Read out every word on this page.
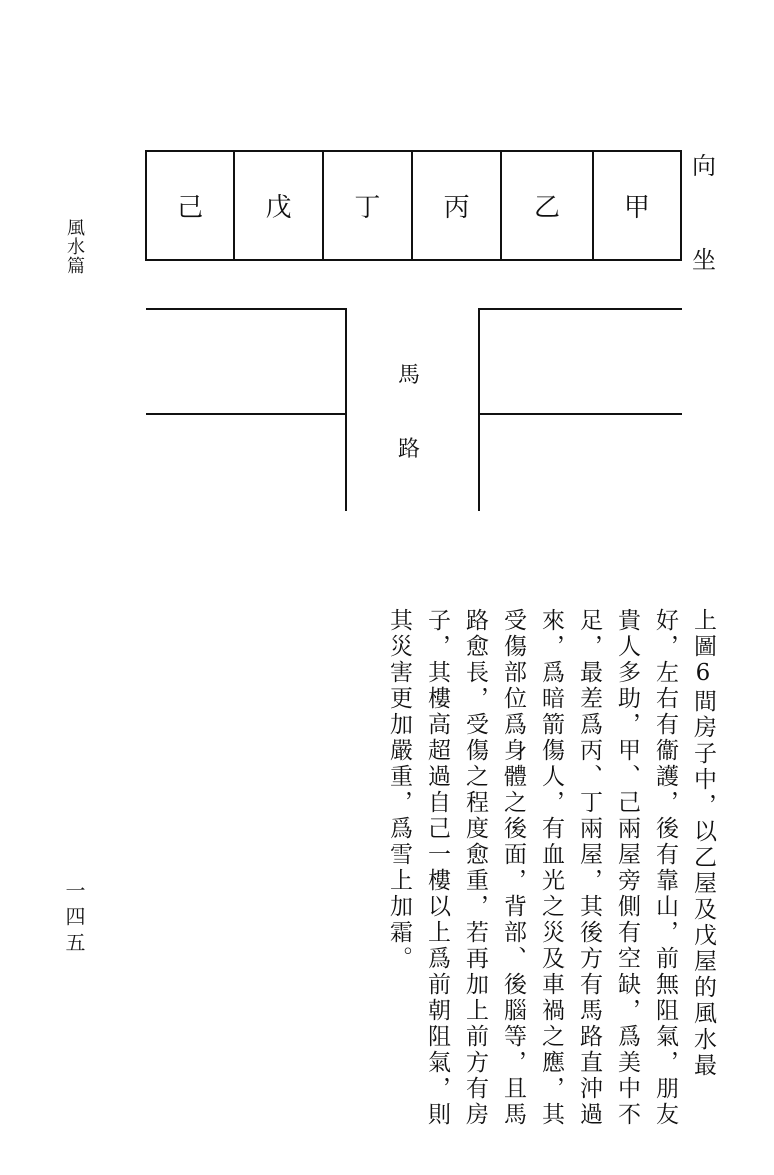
風水篇
一四五
己	戊	丁	丙	乙	甲
向
坐
馬
路
上圖6間房子中，以乙屋及戊屋的風水最
好，左右有衞護，後有靠山，前無阻氣，朋友
貴人多助，甲、己兩屋旁側有空缺，爲美中不
足，最差爲丙、丁兩屋，其後方有馬路直沖過
來，爲暗箭傷人，有血光之災及車禍之應，其
受傷部位爲身體之後面，背部、後腦等，且馬
路愈長，受傷之程度愈重，若再加上前方有房
子，其樓高超過自己一樓以上爲前朝阻氣，則
其災害更加嚴重，爲雪上加霜。
